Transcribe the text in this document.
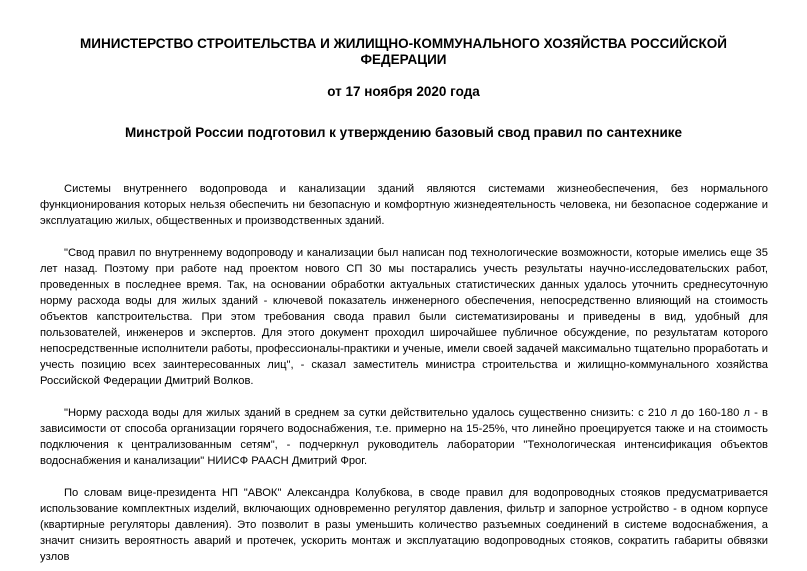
МИНИСТЕРСТВО СТРОИТЕЛЬСТВА И ЖИЛИЩНО-КОММУНАЛЬНОГО ХОЗЯЙСТВА РОССИЙСКОЙ ФЕДЕРАЦИИ
от 17 ноября 2020 года
Минстрой России подготовил к утверждению базовый свод правил по сантехнике

Системы внутреннего водопровода и канализации зданий являются системами жизнеобеспечения, без нормального функционирования которых нельзя обеспечить ни безопасную и комфортную жизнедеятельность человека, ни безопасное содержание и эксплуатацию жилых, общественных и производственных зданий.

"Свод правил по внутреннему водопроводу и канализации был написан под технологические возможности, которые имелись еще 35 лет назад. Поэтому при работе над проектом нового СП 30 мы постарались учесть результаты научно-исследовательских работ, проведенных в последнее время. Так, на основании обработки актуальных статистических данных удалось уточнить среднесуточную норму расхода воды для жилых зданий - ключевой показатель инженерного обеспечения, непосредственно влияющий на стоимость объектов капстроительства. При этом требования свода правил были систематизированы и приведены в вид, удобный для пользователей, инженеров и экспертов. Для этого документ проходил широчайшее публичное обсуждение, по результатам которого непосредственные исполнители работы, профессионалы-практики и ученые, имели своей задачей максимально тщательно проработать и учесть позицию всех заинтересованных лиц", - сказал заместитель министра строительства и жилищно-коммунального хозяйства Российской Федерации Дмитрий Волков.

"Норму расхода воды для жилых зданий в среднем за сутки действительно удалось существенно снизить: с 210 л до 160-180 л - в зависимости от способа организации горячего водоснабжения, т.е. примерно на 15-25%, что линейно проецируется также и на стоимость подключения к централизованным сетям", - подчеркнул руководитель лаборатории "Технологическая интенсификация объектов водоснабжения и канализации" НИИСФ РААСН Дмитрий Фрог.

По словам вице-президента НП "АВОК" Александра Колубкова, в своде правил для водопроводных стояков предусматривается использование комплектных изделий, включающих одновременно регулятор давления, фильтр и запорное устройство - в одном корпусе (квартирные регуляторы давления). Это позволит в разы уменьшить количество разъемных соединений в системе водоснабжения, а значит снизить вероятность аварий и протечек, ускорить монтаж и эксплуатацию водопроводных стояков, сократить габариты обвязки узлов
